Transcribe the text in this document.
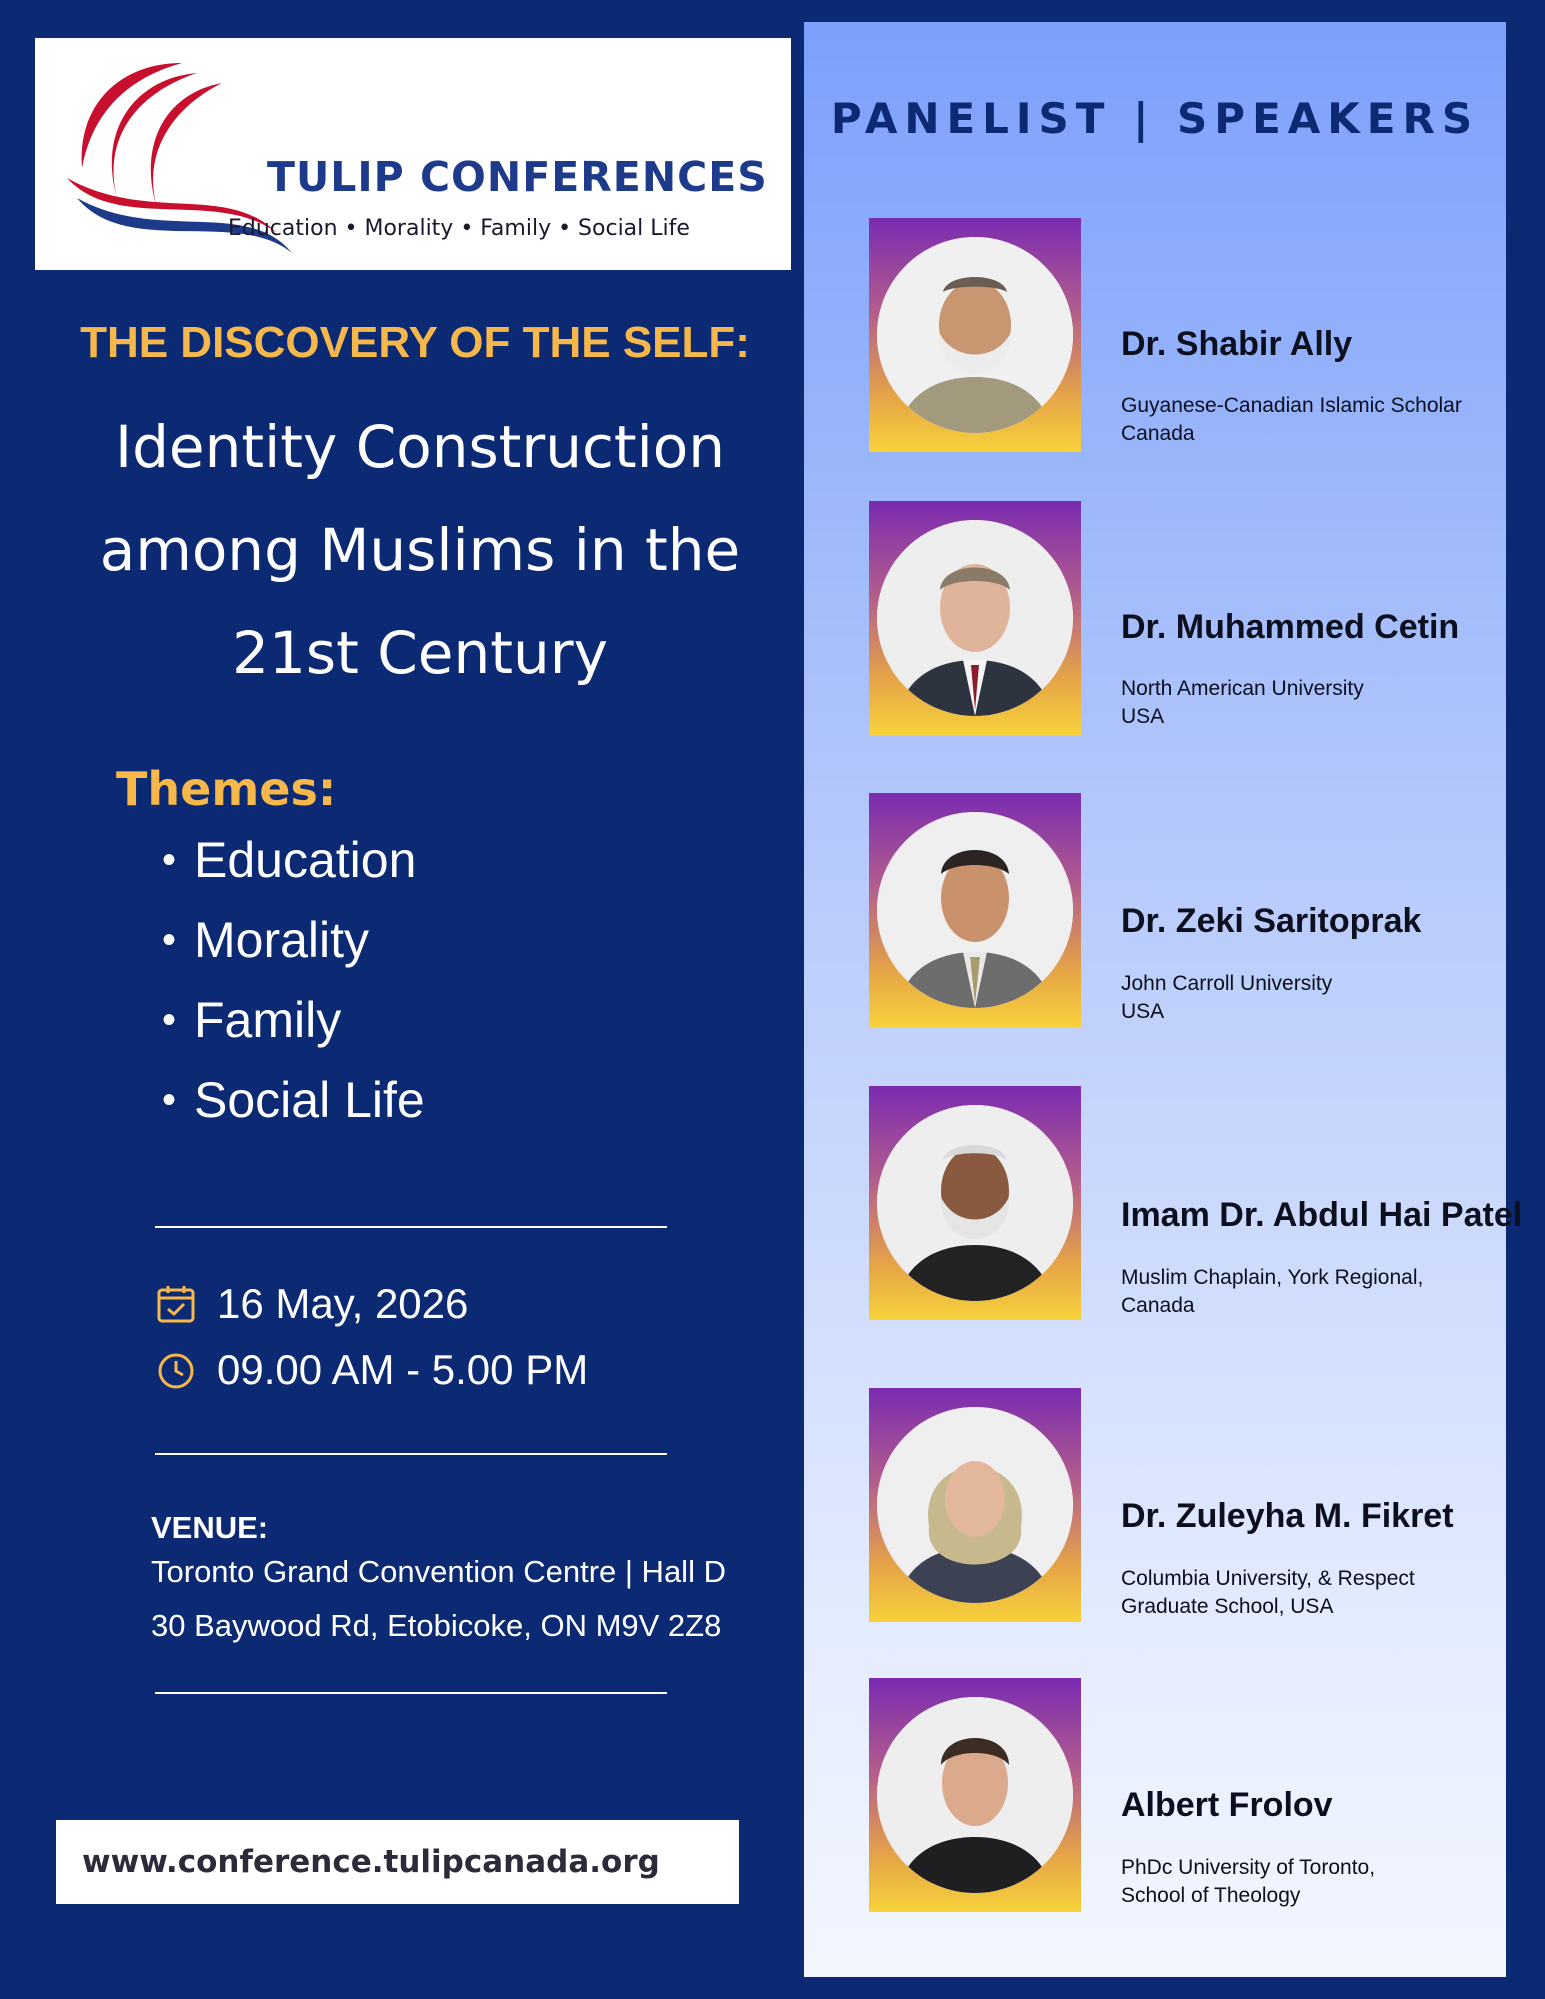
TULIP CONFERENCES
Education • Morality • Family • Social Life
THE DISCOVERY OF THE SELF:
Identity Construction
among Muslims in the
21st Century
Themes:
• Education
• Morality
• Family
• Social Life
16 May, 2026
09.00 AM - 5.00 PM
VENUE:
Toronto Grand Convention Centre | Hall D
30 Baywood Rd, Etobicoke, ON M9V 2Z8
www.conference.tulipcanada.org
PANELIST | SPEAKERS
Dr. Shabir Ally
Guyanese-Canadian Islamic Scholar
Canada
Dr. Muhammed Cetin
North American University
USA
Dr. Zeki Saritoprak
John Carroll University
USA
Imam Dr. Abdul Hai Patel
Muslim Chaplain, York Regional,
Canada
Dr. Zuleyha M. Fikret
Columbia University, & Respect
Graduate School, USA
Albert Frolov
PhDc University of Toronto,
School of Theology
